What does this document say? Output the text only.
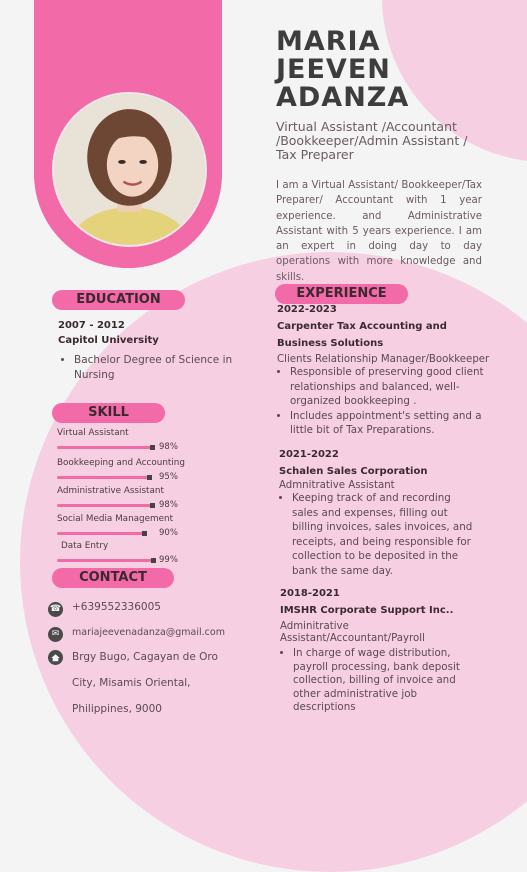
MARIA
JEEVEN
ADANZA
Virtual Assistant /Accountant /Bookkeeper/Admin Assistant / Tax Preparer
I am a Virtual Assistant/ Bookkeeper/Tax Preparer/ Accountant with 1 year experience. and Administrative Assistant with 5 years experience. I am an expert in doing day to day operations with more knowledge and skills.
EDUCATION
2007 - 2012
Capitol University
• Bachelor Degree of Science in Nursing
SKILL
Virtual Assistant
98%
Bookkeeping and Accounting
95%
Administrative Assistant
98%
Social Media Management
90%
Data Entry
99%
CONTACT
☎ +639552336005
✉	mariajeevenadanza@gmail.com
Brgy Bugo, Cagayan de Oro
City, Misamis Oriental,
Philippines, 9000
EXPERIENCE
2022-2023
Carpenter Tax Accounting and
Business Solutions
Clients Relationship Manager/Bookkeeper
• Responsible of preserving good client relationships and balanced, well-organized bookkeeping .
• Includes appointment's setting and a little bit of Tax Preparations.
2021-2022
Schalen Sales Corporation
Admnitrative Assistant
• Keeping track of and recording sales and expenses, filling out billing invoices, sales invoices, and receipts, and being responsible for collection to be deposited in the bank the same day.
2018-2021
IMSHR Corporate Support Inc..
Adminitrative Assistant/Accountant/Payroll
• In charge of wage distribution, payroll processing, bank deposit collection, billing of invoice and other administrative job descriptions
